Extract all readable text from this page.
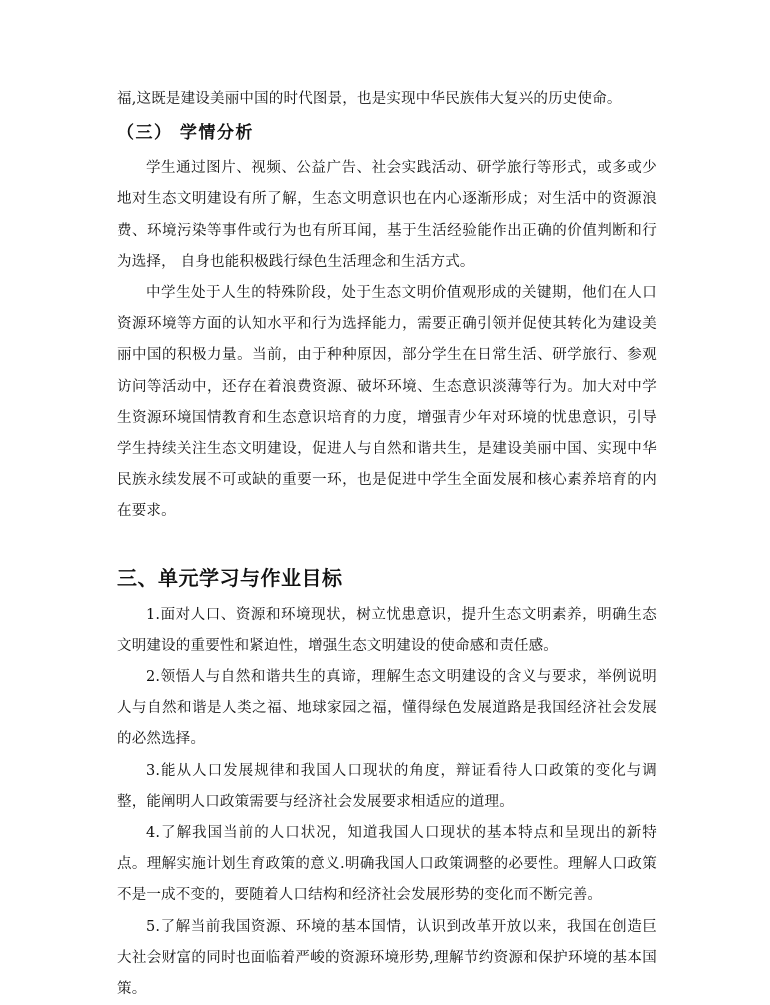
福,这既是建设美丽中国的时代图景，也是实现中华民族伟大复兴的历史使命。

（三） 学情分析

学生通过图片、视频、公益广告、社会实践活动、研学旅行等形式，或多或少地对生态文明建设有所了解，生态文明意识也在内心逐渐形成；对生活中的资源浪费、环境污染等事件或行为也有所耳闻，基于生活经验能作出正确的价值判断和行为选择， 自身也能积极践行绿色生活理念和生活方式。

中学生处于人生的特殊阶段，处于生态文明价值观形成的关键期，他们在人口资源环境等方面的认知水平和行为选择能力，需要正确引领并促使其转化为建设美丽中国的积极力量。当前，由于种种原因，部分学生在日常生活、研学旅行、参观访问等活动中，还存在着浪费资源、破坏环境、生态意识淡薄等行为。加大对中学生资源环境国情教育和生态意识培育的力度，增强青少年对环境的忧患意识，引导学生持续关注生态文明建设，促进人与自然和谐共生，是建设美丽中国、实现中华民族永续发展不可或缺的重要一环，也是促进中学生全面发展和核心素养培育的内在要求。

三、单元学习与作业目标

1.面对人口、资源和环境现状，树立忧患意识，提升生态文明素养，明确生态文明建设的重要性和紧迫性，增强生态文明建设的使命感和责任感。

2.领悟人与自然和谐共生的真谛，理解生态文明建设的含义与要求，举例说明人与自然和谐是人类之福、地球家园之福，懂得绿色发展道路是我国经济社会发展的必然选择。

3.能从人口发展规律和我国人口现状的角度，辩证看待人口政策的变化与调整，能阐明人口政策需要与经济社会发展要求相适应的道理。

4.了解我国当前的人口状况，知道我国人口现状的基本特点和呈现出的新特点。理解实施计划生育政策的意义.明确我国人口政策调整的必要性。理解人口政策不是一成不变的，要随着人口结构和经济社会发展形势的变化而不断完善。

5.了解当前我国资源、环境的基本国情，认识到改革开放以来，我国在创造巨大社会财富的同时也面临着严峻的资源环境形势,理解节约资源和保护环境的基本国策。
